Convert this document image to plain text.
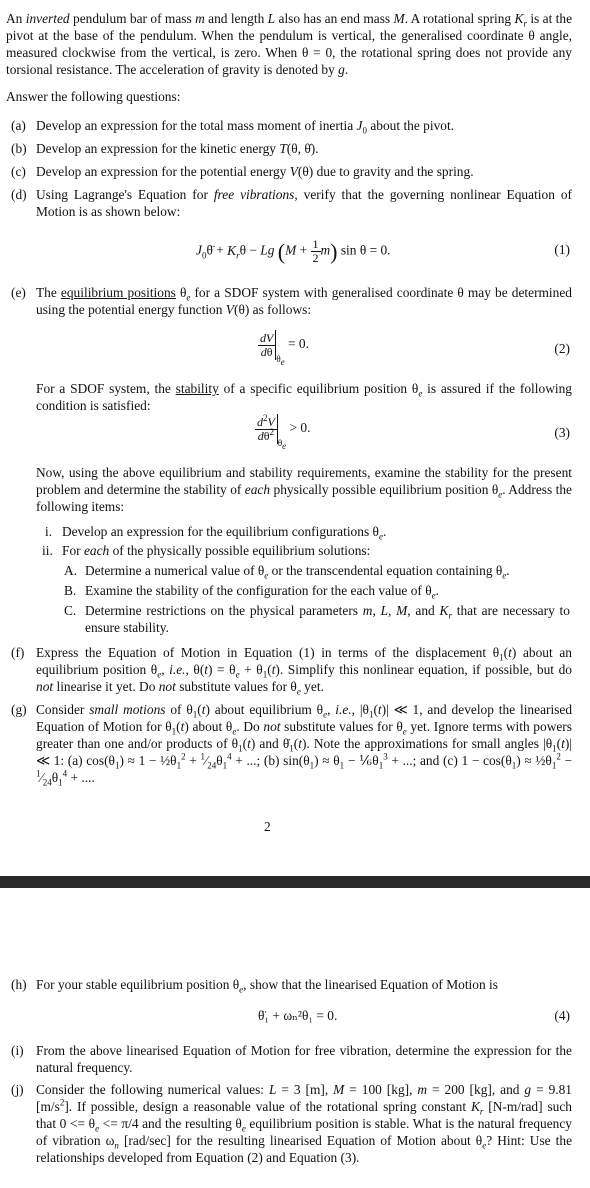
An inverted pendulum bar of mass m and length L also has an end mass M. A rotational spring $K_r$ is at the pivot at the base of the pendulum. When the pendulum is vertical, the generalised coordinate θ angle, measured clockwise from the vertical, is zero. When θ = 0, the rotational spring does not provide any torsional resistance. The acceleration of gravity is denoted by g.
Answer the following questions:
(a) Develop an expression for the total mass moment of inertia $J_0$ about the pivot.
(b) Develop an expression for the kinetic energy T(θ, θ̇).
(c) Develop an expression for the potential energy V(θ) due to gravity and the spring.
(d) Using Lagrange's Equation for free vibrations, verify that the governing nonlinear Equation of Motion is as shown below:
$J_0\thetä + K_r\theta - Lg$ $(M + \frac{1}{2} m)$ sin θ = 0.	(1)
(e) The equilibrium positions $\theta_e$ for a SDOF system with generalised coordinate θ may be determined using the potential energy function V(θ) as follows:
$\frac{dV}{d\theta}$
$_{\theta_e}$ = 0.	(2)
For a SDOF system, the stability of a specific equilibrium position $\theta_e$ is assured if the following condition is satisfied:
$\frac{d^2V}{d\theta^2}$
$_{\theta_e}$ > 0.	(3)
Now, using the above equilibrium and stability requirements, examine the stability for the present problem and determine the stability of each physically possible equilibrium position $\theta_e$. Address the following items:
i. Develop an expression for the equilibrium configurations $\theta_e$.
ii. For each of the physically possible equilibrium solutions:
A. Determine a numerical value of $\theta_e$ or the transcendental equation containing $\theta_e$.
B. Examine the stability of the configuration for the each value of $\theta_e$.
C. Determine restrictions on the physical parameters m, L, M, and $K_r$ that are necessary to ensure stability.
(f) Express the Equation of Motion in Equation (1) in terms of the displacement $\theta_1(t)$ about an equilibrium position $\theta_e$, i.e., $\theta(t) = \theta_e + \theta_1(t)$. Simplify this nonlinear equation, if possible, but do not linearise it yet. Do not substitute values for $\theta_e$ yet.
(g) Consider small motions of $\theta_1(t)$ about equilibrium $\theta_e$, i.e., $|\theta_1(t)|$ ≪ 1, and develop the linearised Equation of Motion for $\theta_1(t)$ about $\theta_e$. Do not substitute values for $\theta_e$ yet. Ignore terms with powers greater than one and/or products of $\theta_1(t)$ and $\thetȧ_1(t)$. Note the approximations for small angles $|\theta_1(t)|$ ≪ 1: (a) $\cos(\theta_1) \approx 1$ − $\frac{1}{2}\theta_1^2$ + $^1⁄_{24}\theta_1^4$ + ...; (b) $\sin(\theta_1) \approx \theta_1$ − $\frac{1}{6}\theta_1^3$ + ...; and (c) $1 - \cos(\theta_1)$ ≈ $\frac{1}{2}\theta_1^2$ − $^1⁄_{24}\theta_1^4$ + ....
2
(h) For your stable equilibrium position $\theta_e$, show that the linearised Equation of Motion is
θ̈₁ + ωₙ²θ₁ = 0.	(4)
(i) From the above linearised Equation of Motion for free vibration, determine the expression for the natural frequency.
(j) Consider the following numerical values: L = 3 [m], M = 100 [kg], m = 200 [kg], and g = 9.81 $[m/s^2]$. If possible, design a reasonable value of the rotational spring constant $K_r$ [N-m/rad] such that $0 <= \theta_e <= \pi/4$ and the resulting $\theta_e$ equilibrium position is stable. What is the natural frequency of vibration $\omega_n$ [rad/sec] for the resulting linearised Equation of Motion about $\theta_e$? Hint: Use the relationships developed from Equation (2) and Equation (3).
